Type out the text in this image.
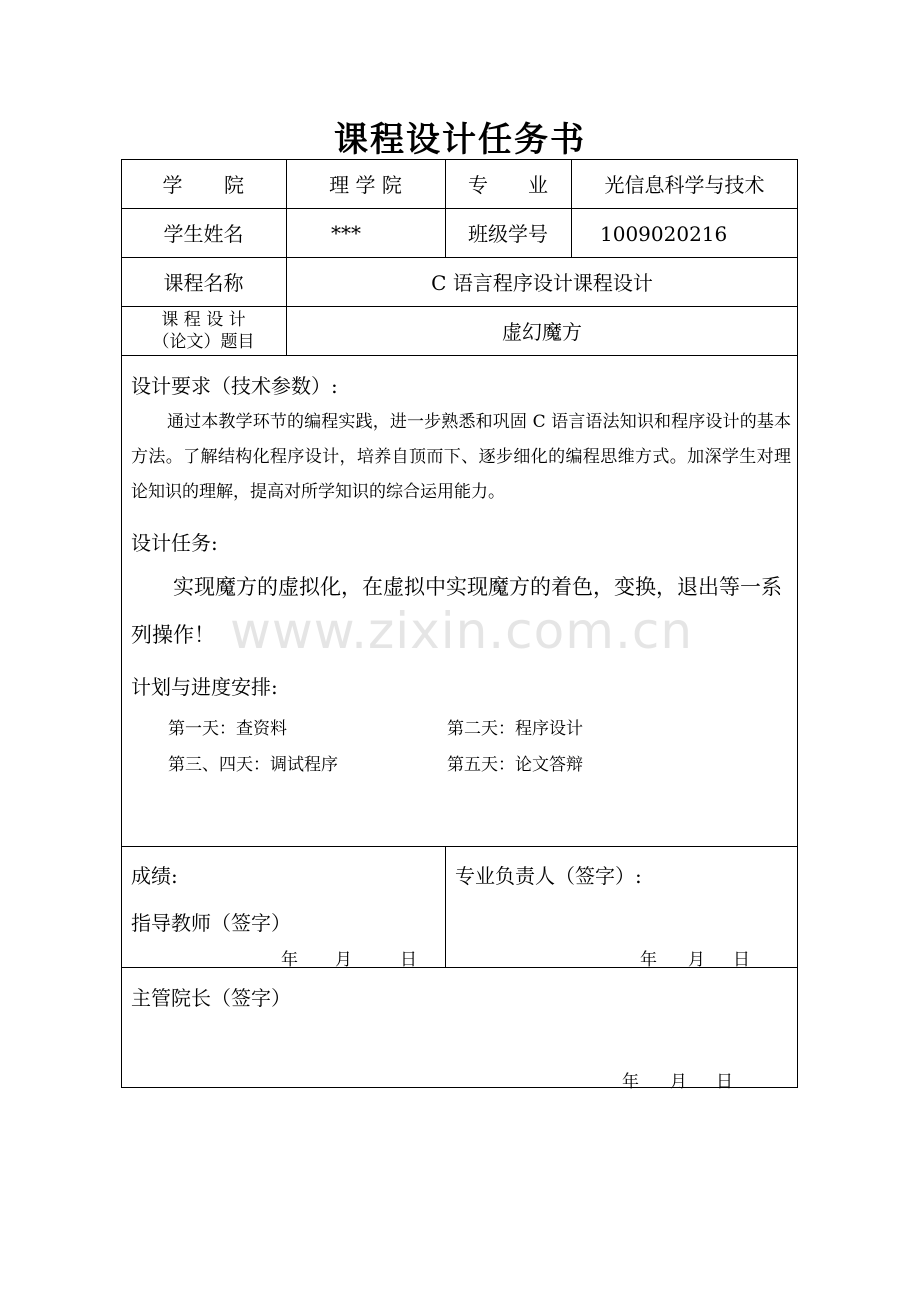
课程设计任务书
学　　院	理 学 院	专　　业	光信息科学与技术
学生姓名	***	班级学号	1009020216
课程名称	C 语言程序设计课程设计
课 程 设 计
（论文）题目	虚幻魔方
设计要求（技术参数）:
通过本教学环节的编程实践，进一步熟悉和巩固 C 语言语法知识和程序设计的基本方法。了解结构化程序设计，培养自顶而下、逐步细化的编程思维方式。加深学生对理论知识的理解，提高对所学知识的综合运用能力。
设计任务:
实现魔方的虚拟化，在虚拟中实现魔方的着色，变换，退出等一系列操作！ www.zixin.com.cn
计划与进度安排:
第一天：查资料	第二天：程序设计
第三、四天：调试程序	第五天：论文答辩
成绩:
指导教师（签字）
年 月	日
专业负责人（签字）:
年 月 日
主管院长（签字）
年 月 日
